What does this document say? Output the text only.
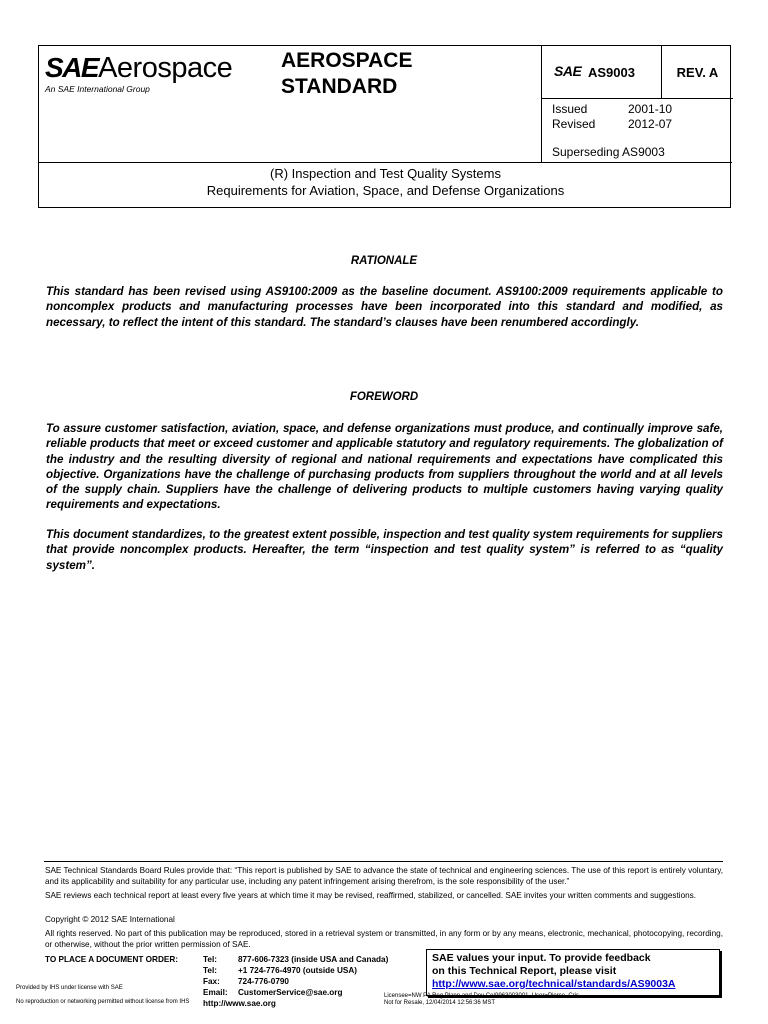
SAEAerospace
An SAE International Group
AEROSPACE
STANDARD
SAE AS9003
Issued	2001-10
Revised	2012-07
Superseding AS9003
REV. A
(R) Inspection and Test Quality Systems
Requirements for Aviation, Space, and Defense Organizations
RATIONALE
This standard has been revised using AS9100:2009 as the baseline document. AS9100:2009 requirements applicable to noncomplex products and manufacturing processes have been incorporated into this standard and modified, as necessary, to reflect the intent of this standard. The standard’s clauses have been renumbered accordingly.
FOREWORD
To assure customer satisfaction, aviation, space, and defense organizations must produce, and continually improve safe, reliable products that meet or exceed customer and applicable statutory and regulatory requirements. The globalization of the industry and the resulting diversity of regional and national requirements and expectations have complicated this objective. Organizations have the challenge of purchasing products from suppliers throughout the world and at all levels of the supply chain. Suppliers have the challenge of delivering products to multiple customers having varying quality requirements and expectations.
This document standardizes, to the greatest extent possible, inspection and test quality system requirements for suppliers that provide noncomplex products. Hereafter, the term “inspection and test quality system” is referred to as “quality system”.
SAE Technical Standards Board Rules provide that: “This report is published by SAE to advance the state of technical and engineering sciences. The use of this report is entirely voluntary, and its applicability and suitability for any particular use, including any patent infringement arising therefrom, is the sole responsibility of the user.”
SAE reviews each technical report at least every five years at which time it may be revised, reaffirmed, stabilized, or cancelled. SAE invites your written comments and suggestions.
Copyright © 2012 SAE International
All rights reserved. No part of this publication may be reproduced, stored in a retrieval system or transmitted, in any form or by any means, electronic, mechanical, photocopying, recording, or otherwise, without the prior written permission of SAE.
TO PLACE A DOCUMENT ORDER:	Tel:	877-606-7323 (inside USA and Canada)
Tel:	+1 724-776-4970 (outside USA)
Fax: 724-776-0790
Email: CustomerService@sae.org
http://www.sae.org
SAE values your input. To provide feedback
on this Technical Report, please visit
http://www.sae.org/technical/standards/AS9003A
Provided by IHS under license with SAE
No reproduction or networking permitted without license from IHS
Licensee=NW PA Reg Plann and Dev Co/9963003001, User=Pierce, Cris
Not for Resale, 12/04/2014 12:56:36 MST
